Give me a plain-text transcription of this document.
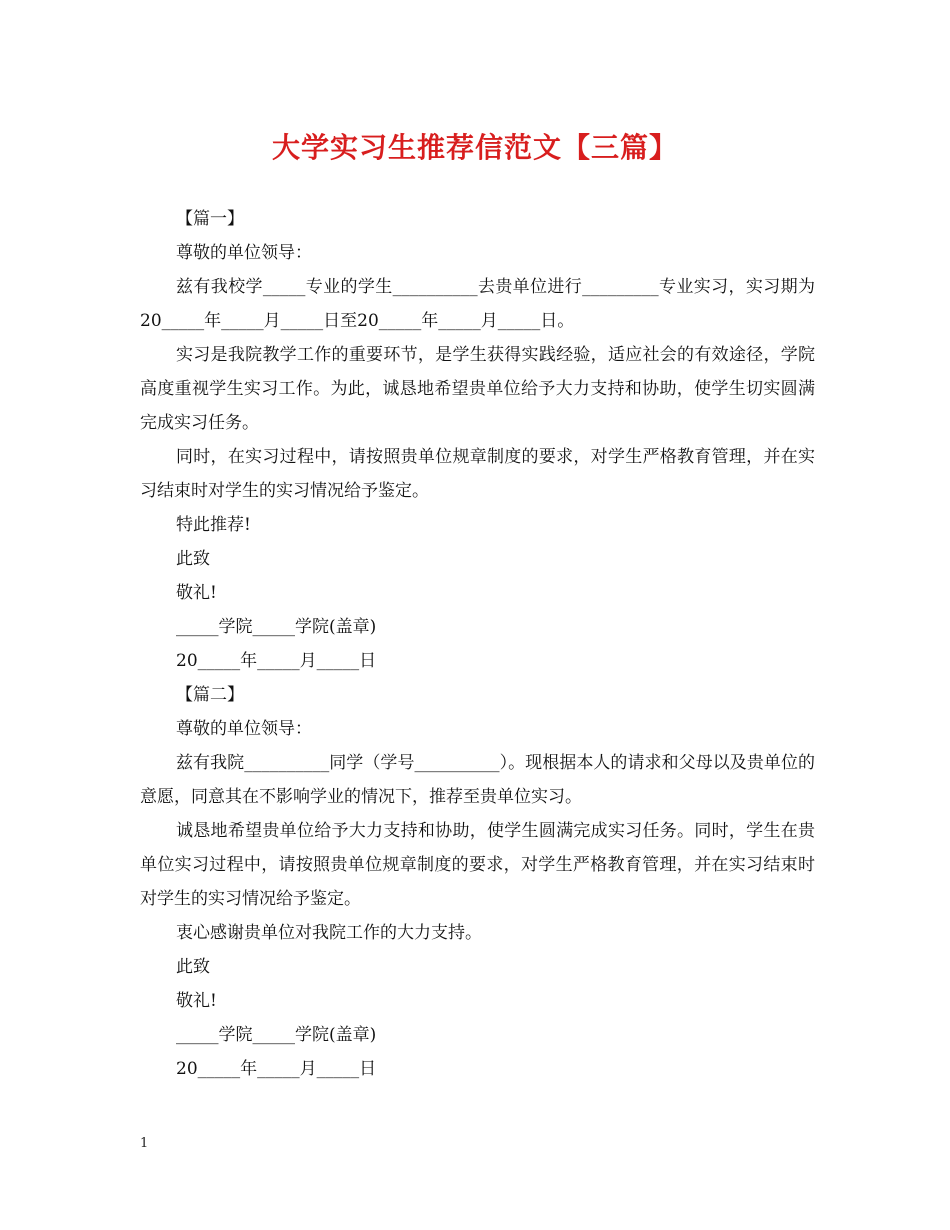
大学实习生推荐信范文【三篇】

【篇一】

尊敬的单位领导：

兹有我校学_____专业的学生__________去贵单位进行_________专业实习，实习期为20_____年_____月_____日至20_____年_____月_____日。

实习是我院教学工作的重要环节，是学生获得实践经验，适应社会的有效途径，学院高度重视学生实习工作。为此，诚恳地希望贵单位给予大力支持和协助，使学生切实圆满完成实习任务。

同时，在实习过程中，请按照贵单位规章制度的要求，对学生严格教育管理，并在实习结束时对学生的实习情况给予鉴定。

特此推荐!

此致

敬礼!

_____学院_____学院(盖章)

20_____年_____月_____日

【篇二】

尊敬的单位领导：

兹有我院__________同学（学号__________）。现根据本人的请求和父母以及贵单位的意愿，同意其在不影响学业的情况下，推荐至贵单位实习。

诚恳地希望贵单位给予大力支持和协助，使学生圆满完成实习任务。同时，学生在贵单位实习过程中，请按照贵单位规章制度的要求，对学生严格教育管理，并在实习结束时对学生的实习情况给予鉴定。

衷心感谢贵单位对我院工作的大力支持。

此致

敬礼!

_____学院_____学院(盖章)

20_____年_____月_____日

1
